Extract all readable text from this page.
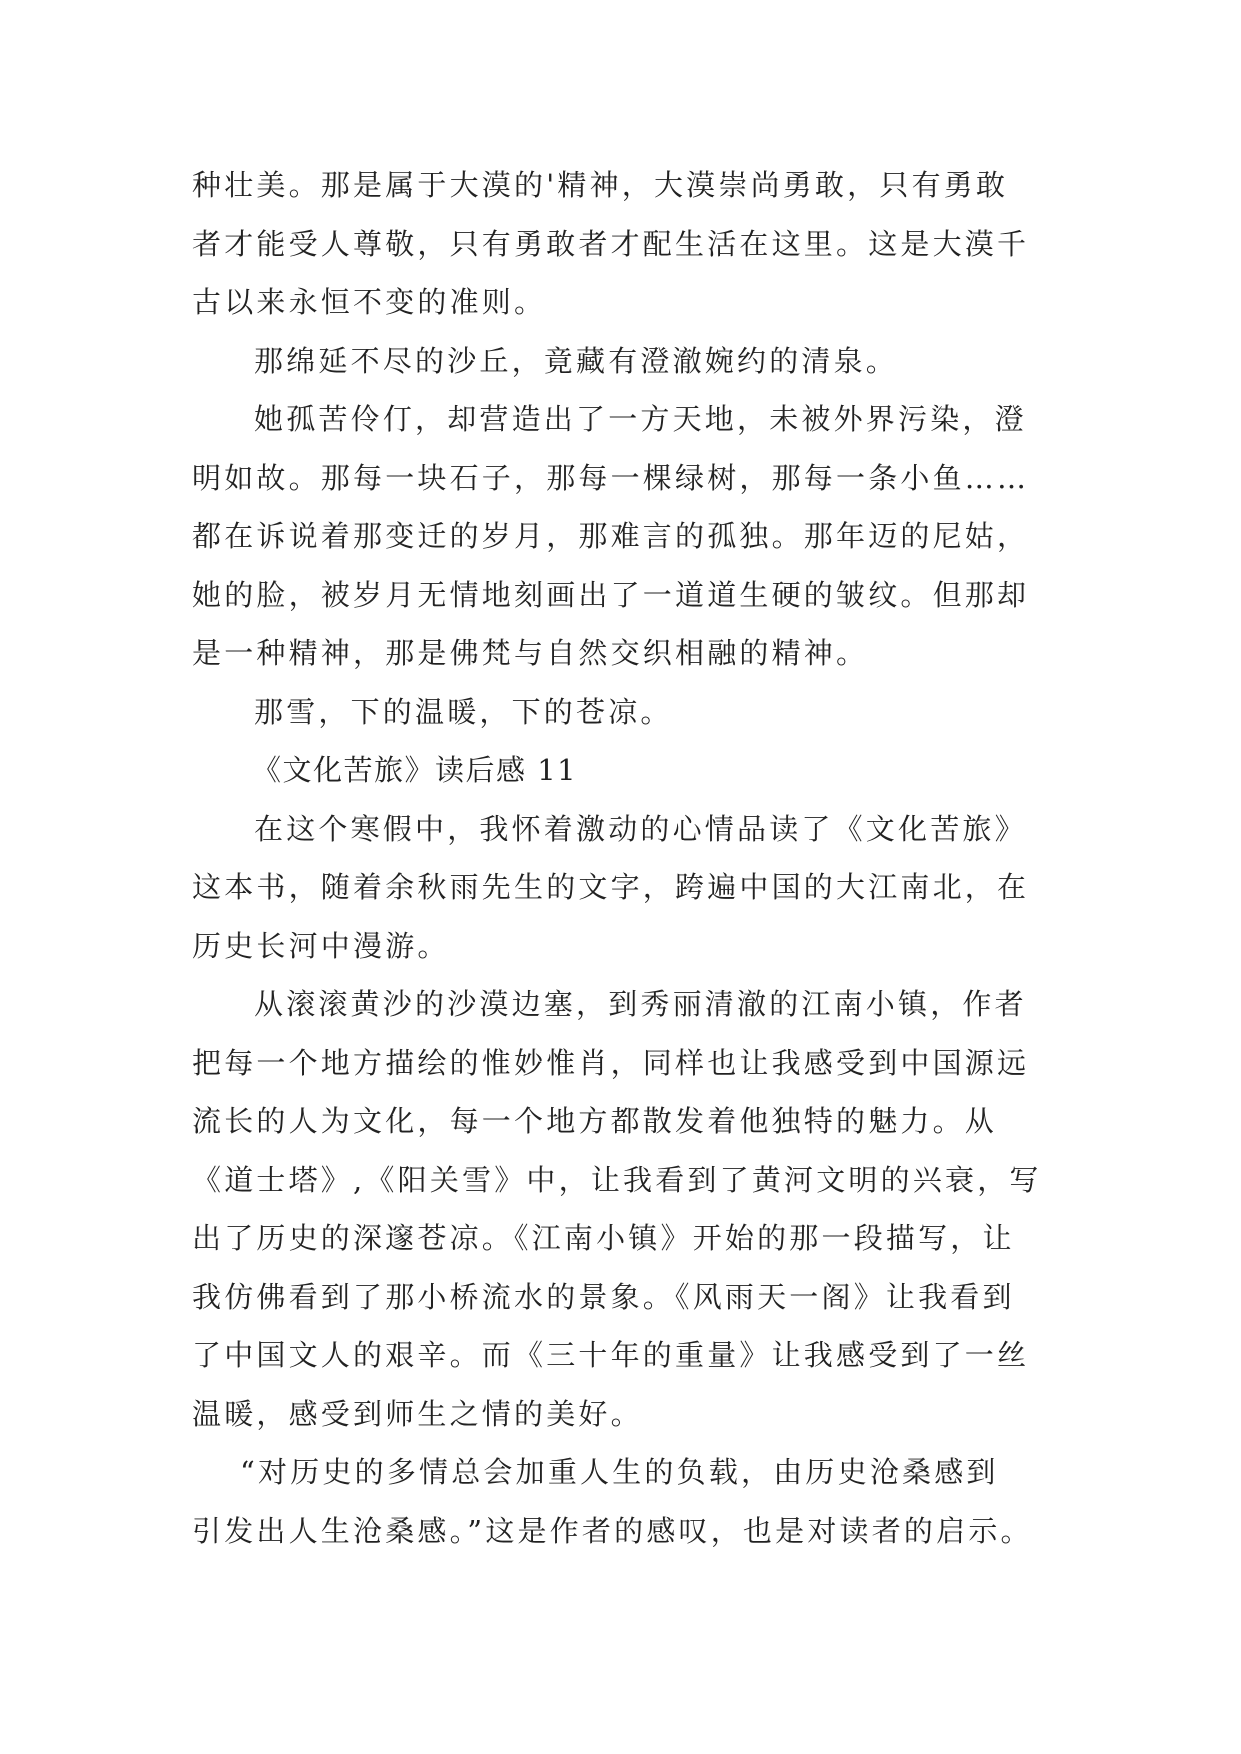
种壮美。那是属于大漠的'精神，大漠崇尚勇敢，只有勇敢
者才能受人尊敬，只有勇敢者才配生活在这里。这是大漠千
古以来永恒不变的准则。
那绵延不尽的沙丘，竟藏有澄澈婉约的清泉。
她孤苦伶仃，却营造出了一方天地，未被外界污染，澄
明如故。那每一块石子，那每一棵绿树，那每一条小鱼……
都在诉说着那变迁的岁月，那难言的孤独。那年迈的尼姑，
她的脸，被岁月无情地刻画出了一道道生硬的皱纹。但那却
是一种精神，那是佛梵与自然交织相融的精神。
那雪，下的温暖，下的苍凉。
《文化苦旅》读后感 11
在这个寒假中，我怀着激动的心情品读了《文化苦旅》
这本书，随着余秋雨先生的文字，跨遍中国的大江南北，在
历史长河中漫游。
从滚滚黄沙的沙漠边塞，到秀丽清澈的江南小镇，作者
把每一个地方描绘的惟妙惟肖，同样也让我感受到中国源远
流长的人为文化，每一个地方都散发着他独特的魅力。从
《道士塔》,《阳关雪》中，让我看到了黄河文明的兴衰，写
出了历史的深邃苍凉。《江南小镇》开始的那一段描写，让
我仿佛看到了那小桥流水的景象。《风雨天一阁》让我看到
了中国文人的艰辛。而《三十年的重量》让我感受到了一丝
温暖，感受到师生之情的美好。
“对历史的多情总会加重人生的负载，由历史沧桑感到
引发出人生沧桑感。”这是作者的感叹，也是对读者的启示。
